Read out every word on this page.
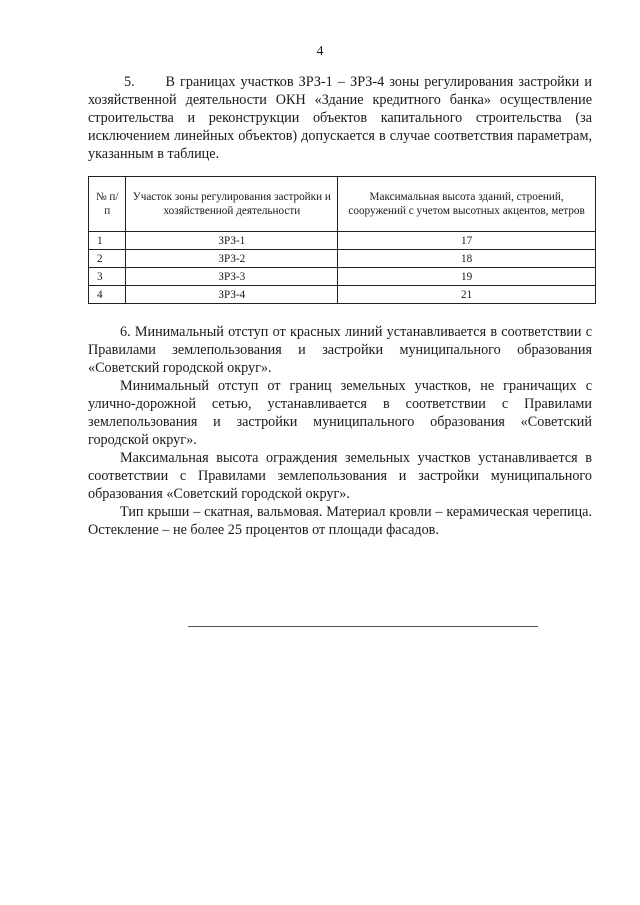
4

5.      В границах участков ЗРЗ-1 – ЗРЗ-4 зоны регулирования застройки и хозяйственной деятельности ОКН «Здание кредитного банка» осуществление строительства и реконструкции объектов капитального строительства (за исключением линейных объектов) допускается в случае соответствия параметрам, указанным в таблице.

№ п/п	Участок зоны регулирования застройки и хозяйственной деятельности	Максимальная высота зданий, строений, сооружений с учетом высотных акцентов, метров
1	ЗРЗ-1	17
2	ЗРЗ-2	18
3	ЗРЗ-3	19
4	ЗРЗ-4	21

6. Минимальный отступ от красных линий устанавливается в соответствии с Правилами землепользования и застройки муниципального образования «Советский городской округ».

Минимальный отступ от границ земельных участков, не граничащих с улично-дорожной сетью, устанавливается в соответствии с Правилами землепользования и застройки муниципального образования «Советский городской округ».

Максимальная высота ограждения земельных участков устанавливается в соответствии с Правилами землепользования и застройки муниципального образования «Советский городской округ».

Тип крыши – скатная, вальмовая. Материал кровли – керамическая черепица. Остекление – не более 25 процентов от площади фасадов.
